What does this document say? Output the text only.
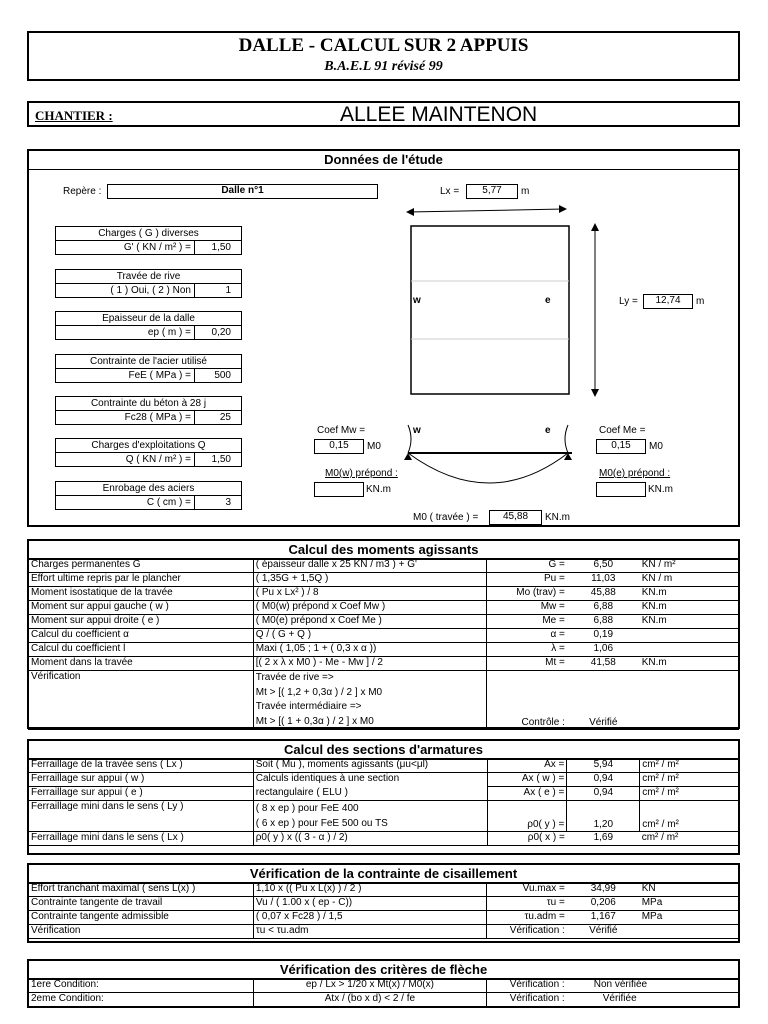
DALLE - CALCUL SUR 2 APPUIS
B.A.E.L 91 révisé 99
CHANTIER :	ALLEE MAINTENON
Données de l'étude
Repère :	Dalle n°1	Lx =	5,77	m
Charges ( G ) diverses
G' ( KN / m² ) =	1,50
Travée de rive
( 1 ) Oui, ( 2 ) Non	1
Epaisseur de la dalle
ep ( m ) =	0,20
Contrainte de l'acier utilisé
FeE ( MPa ) =	500
Contrainte du béton à 28 j
Fc28 ( MPa ) =	25
Charges d'exploitations Q
Q ( KN / m² ) =	1,50
Enrobage des aciers
C ( cm ) =	3
w	e	Ly =	12,74	m
w	e
Coef Mw =
0,15	M0
Coef Me =
0,15	M0
M0(w) prépond :
KN.m
M0(e) prépond :
KN.m
M0 ( travée ) =	45,88	KN.m
Calcul des moments agissants
Charges permanentes G	( épaisseur dalle x 25 KN / m3 ) + G'	G =	6,50	KN / m²
Effort ultime repris par le plancher	( 1,35G + 1,5Q )	Pu =	11,03	KN / m
Moment isostatique de la travée	( Pu x Lx² ) / 8	Mo (trav) =	45,88	KN.m
Moment sur appui gauche ( w )	( M0(w) prépond x Coef Mw )	Mw =	6,88	KN.m
Moment sur appui droite ( e )	( M0(e) prépond x Coef Me )	Me =	6,88	KN.m
Calcul du coefficient α	Q / ( G + Q )	α =	0,19	
Calcul du coefficient l	Maxi ( 1,05 ; 1 + ( 0,3 x α ))	λ =	1,06	
Moment dans la travée	[( 2 x λ x M0 ) - Me - Mw ] / 2	Mt =	41,58	KN.m
Vérification	Travée de rive =>
Mt > [( 1,2 + 0,3α ) / 2 ] x M0
Travée intermédiaire =>
Mt > [( 1 + 0,3α ) / 2 ] x M0	Contrôle :	Vérifié	
Calcul des sections d'armatures
Ferraillage de la travée sens ( Lx )	Soit ( Mu ), moments agissants (μu<μl)	Ax =	5,94	cm² / m²
Ferraillage sur appui ( w )	Calculs identiques à une section	Ax ( w ) =	0,94	cm² / m²
Ferraillage sur appui ( e )	rectangulaire ( ELU )	Ax ( e ) =	0,94	cm² / m²
Ferraillage mini dans le sens ( Ly )	( 8 x ep ) pour FeE 400
( 6 x ep ) pour FeE 500 ou TS	ρ0( y ) =	1,20	cm² / m²
Ferraillage mini dans le sens ( Lx )	ρ0( y ) x (( 3 - α ) / 2)	ρ0( x ) =	1,69	cm² / m²
Vérification de la contrainte de cisaillement
Effort tranchant maximal ( sens L(x) )	1,10 x (( Pu x L(x) ) / 2 )	Vu.max =	34,99	KN
Contrainte tangente de travail	Vu / ( 1.00 x ( ep - C))	τu =	0,206	MPa
Contrainte tangente admissible	( 0,07 x Fc28 ) / 1,5	τu.adm =	1,167	MPa
Vérification	τu < τu.adm	Vérification :	Vérifié	
Vérification des critères de flèche
1ere Condition:	ep / Lx > 1/20 x Mt(x) / M0(x)	Vérification :	Non vérifiée
2eme Condition:	Atx / (bo x d) < 2 / fe	Vérification :	Vérifiée
